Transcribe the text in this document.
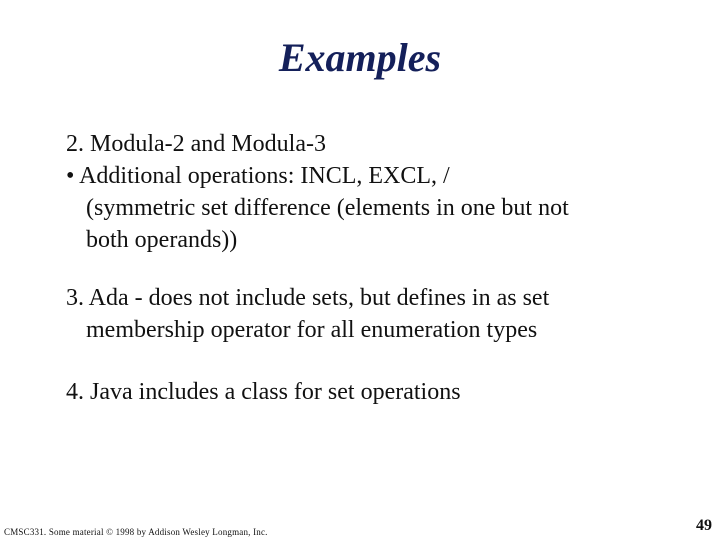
Examples
2. Modula-2 and Modula-3
• Additional operations: INCL, EXCL, /
(symmetric set difference (elements in one but not
both operands))
3. Ada - does not include sets, but defines in as set
membership operator for all enumeration types
4. Java includes a class for set operations
CMSC331. Some material © 1998 by Addison Wesley Longman, Inc.	49
